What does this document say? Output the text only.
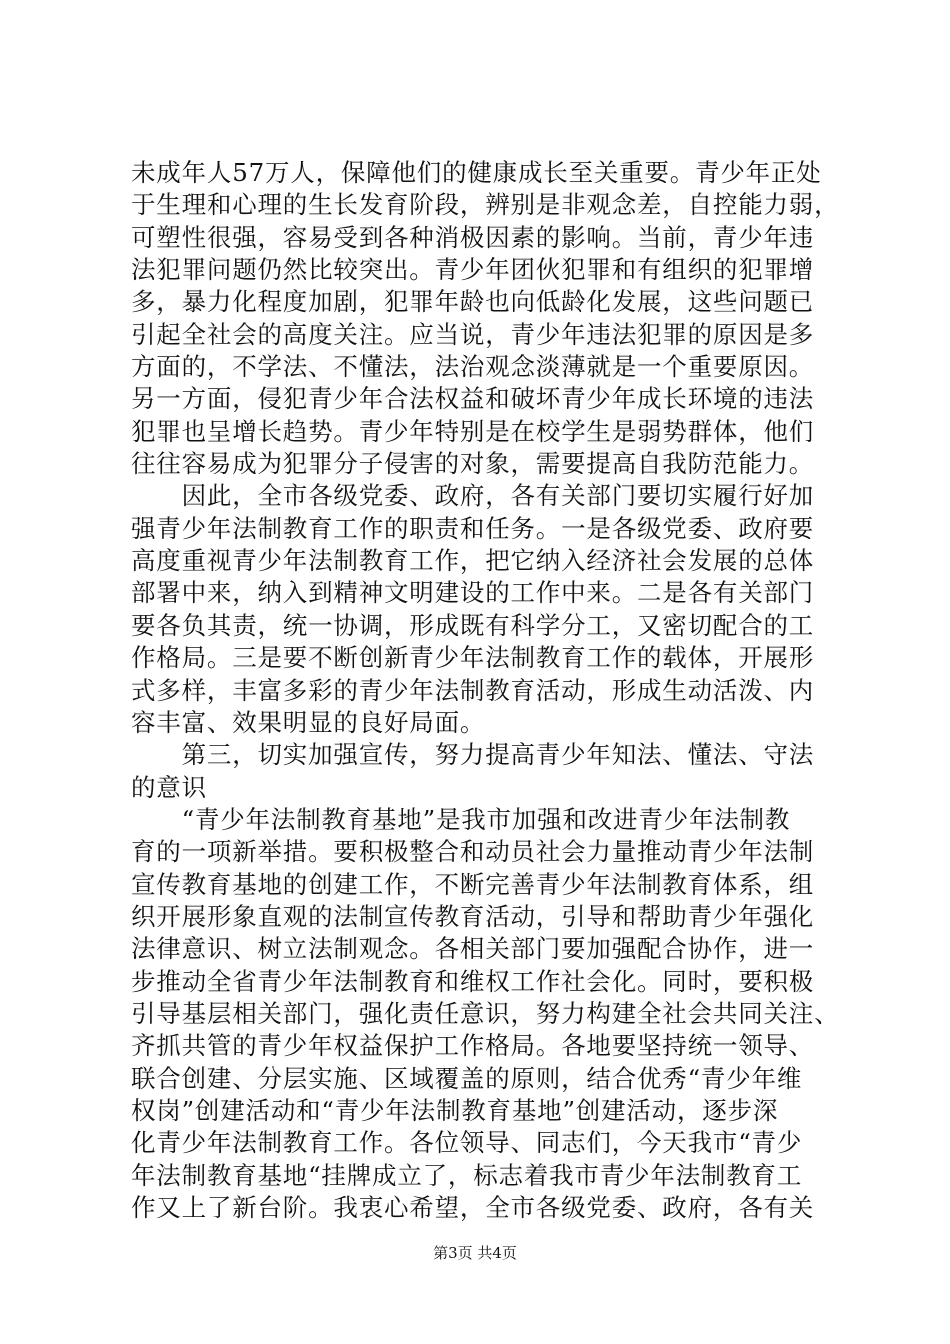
未成年人57万人，保障他们的健康成长至关重要。青少年正处
于生理和心理的生长发育阶段，辨别是非观念差，自控能力弱，
可塑性很强，容易受到各种消极因素的影响。当前，青少年违
法犯罪问题仍然比较突出。青少年团伙犯罪和有组织的犯罪增
多，暴力化程度加剧，犯罪年龄也向低龄化发展，这些问题已
引起全社会的高度关注。应当说，青少年违法犯罪的原因是多
方面的，不学法、不懂法，法治观念淡薄就是一个重要原因。
另一方面，侵犯青少年合法权益和破坏青少年成长环境的违法
犯罪也呈增长趋势。青少年特别是在校学生是弱势群体，他们
往往容易成为犯罪分子侵害的对象，需要提高自我防范能力。
　　因此，全市各级党委、政府，各有关部门要切实履行好加
强青少年法制教育工作的职责和任务。一是各级党委、政府要
高度重视青少年法制教育工作，把它纳入经济社会发展的总体
部署中来，纳入到精神文明建设的工作中来。二是各有关部门
要各负其责，统一协调，形成既有科学分工，又密切配合的工
作格局。三是要不断创新青少年法制教育工作的载体，开展形
式多样，丰富多彩的青少年法制教育活动，形成生动活泼、内
容丰富、效果明显的良好局面。
　　第三，切实加强宣传，努力提高青少年知法、懂法、守法
的意识
　　“青少年法制教育基地”是我市加强和改进青少年法制教
育的一项新举措。要积极整合和动员社会力量推动青少年法制
宣传教育基地的创建工作，不断完善青少年法制教育体系，组
织开展形象直观的法制宣传教育活动，引导和帮助青少年强化
法律意识、树立法制观念。各相关部门要加强配合协作，进一
步推动全省青少年法制教育和维权工作社会化。同时，要积极
引导基层相关部门，强化责任意识，努力构建全社会共同关注、
齐抓共管的青少年权益保护工作格局。各地要坚持统一领导、
联合创建、分层实施、区域覆盖的原则，结合优秀“青少年维
权岗”创建活动和“青少年法制教育基地”创建活动，逐步深
化青少年法制教育工作。各位领导、同志们，今天我市“青少
年法制教育基地“挂牌成立了，标志着我市青少年法制教育工
作又上了新台阶。我衷心希望，全市各级党委、政府，各有关
第3页 共4页
